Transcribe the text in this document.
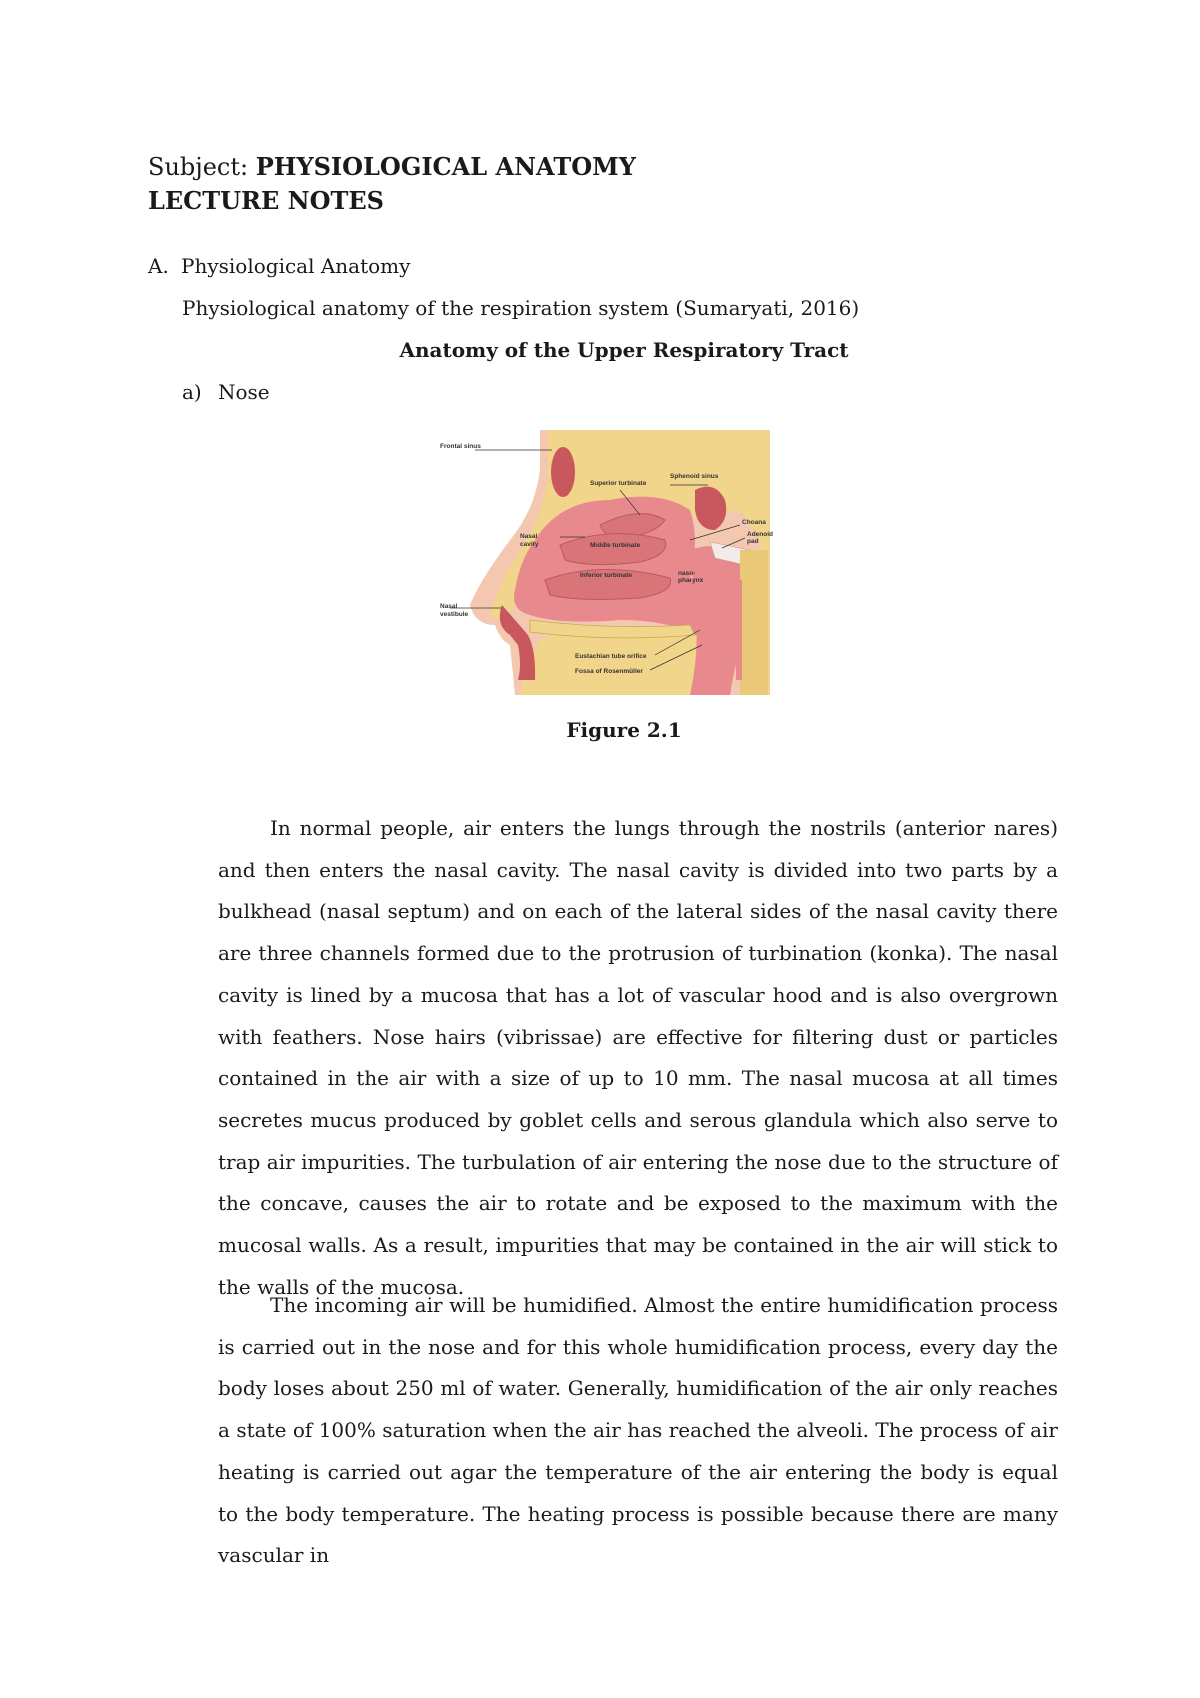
Subject: PHYSIOLOGICAL ANATOMY
LECTURE NOTES
A. Physiological Anatomy
Physiological anatomy of the respiration system (Sumaryati, 2016)
Anatomy of the Upper Respiratory Tract
a) Nose
Frontal sinus
Superior turbinate
Sphenoid sinus
Middle turbinate
Nasal
cavity
Choana
Adenoid
pad
Inferior turbinate	naso-
pharynx
Nasal
vestibule
Eustachian tube orifice
Fossa of Rosenmüller
Figure 2.1

In normal people, air enters the lungs through the nostrils (anterior nares) and then enters the nasal cavity. The nasal cavity is divided into two parts by a bulkhead (nasal septum) and on each of the lateral sides of the nasal cavity there are three channels formed due to the protrusion of turbination (konka). The nasal cavity is lined by a mucosa that has a lot of vascular hood and is also overgrown with feathers. Nose hairs (vibrissae) are effective for filtering dust or particles contained in the air with a size of up to 10 mm. The nasal mucosa at all times secretes mucus produced by goblet cells and serous glandula which also serve to trap air impurities. The turbulation of air entering the nose due to the structure of the concave, causes the air to rotate and be exposed to the maximum with the mucosal walls. As a result, impurities that may be contained in the air will stick to the walls of the mucosa.

The incoming air will be humidified. Almost the entire humidification process is carried out in the nose and for this whole humidification process, every day the body loses about 250 ml of water. Generally, humidification of the air only reaches a state of 100% saturation when the air has reached the alveoli. The process of air heating is carried out agar the temperature of the air entering the body is equal to the body temperature. The heating process is possible because there are many vascular in
